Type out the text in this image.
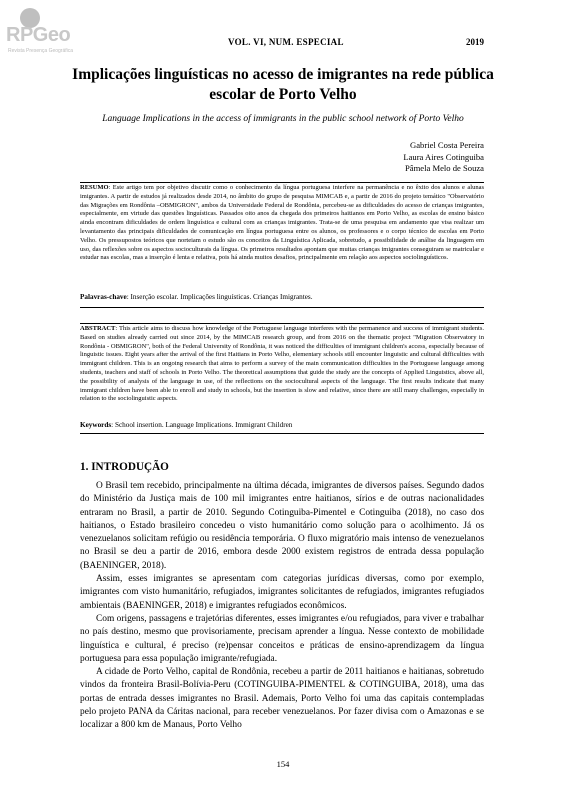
RPGeo
Revista Presença Geográfica
VOL. VI, NUM. ESPECIAL	2019
Implicações linguísticas no acesso de imigrantes na rede pública escolar de Porto Velho
Language Implications in the access of immigrants in the public school network of Porto Velho
Gabriel Costa Pereira
Laura Aires Cotinguiba
Pâmela Melo de Souza
RESUMO: Este artigo tem por objetivo discutir como o conhecimento da língua portuguesa interfere na permanência e no êxito dos alunos e alunas imigrantes. A partir de estudos já realizados desde 2014, no âmbito do grupo de pesquisa MIMCAB e, a partir de 2016 do projeto temático "Observatório das Migrações em Rondônia –OBMIGRON", ambos da Universidade Federal de Rondônia, percebeu-se as dificuldades do acesso de crianças imigrantes, especialmente, em virtude das questões linguísticas. Passados oito anos da chegada dos primeiros haitianos em Porto Velho, as escolas de ensino básico ainda encontram dificuldades de ordem linguística e cultural com as crianças imigrantes. Trata-se de uma pesquisa em andamento que visa realizar um levantamento das principais dificuldades de comunicação em língua portuguesa entre os alunos, os professores e o corpo técnico de escolas em Porto Velho. Os pressupostos teóricos que norteiam o estudo são os conceitos da Linguística Aplicada, sobretudo, a possibilidade de análise da linguagem em uso, das reflexões sobre os aspectos socioculturais da língua. Os primeiros resultados apontam que muitas crianças imigrantes conseguiram se matricular e estudar nas escolas, mas a inserção é lenta e relativa, pois há ainda muitos desafios, principalmente em relação aos aspectos sociolinguísticos.
Palavras-chave: Inserção escolar. Implicações linguísticas. Crianças Imigrantes.
ABSTRACT: This article aims to discuss how knowledge of the Portuguese language interferes with the permanence and success of immigrant students. Based on studies already carried out since 2014, by the MIMCAB research group, and from 2016 on the thematic project "Migration Observatory in Rondônia - OBMIGRON", both of the Federal University of Rondônia, it was noticed the difficulties of immigrant children's access, especially because of linguistic issues. Eight years after the arrival of the first Haitians in Porto Velho, elementary schools still encounter linguistic and cultural difficulties with immigrant children. This is an ongoing research that aims to perform a survey of the main communication difficulties in the Portuguese language among students, teachers and staff of schools in Porto Velho. The theoretical assumptions that guide the study are the concepts of Applied Linguistics, above all, the possibility of analysis of the language in use, of the reflections on the sociocultural aspects of the language. The first results indicate that many immigrant children have been able to enroll and study in schools, but the insertion is slow and relative, since there are still many challenges, especially in relation to the sociolinguistic aspects.
Keywords: School insertion. Language Implications. Immigrant Children
1. INTRODUÇÃO

O Brasil tem recebido, principalmente na última década, imigrantes de diversos países. Segundo dados do Ministério da Justiça mais de 100 mil imigrantes entre haitianos, sírios e de outras nacionalidades entraram no Brasil, a partir de 2010. Segundo Cotinguiba-Pimentel e Cotinguiba (2018), no caso dos haitianos, o Estado brasileiro concedeu o visto humanitário como solução para o acolhimento. Já os venezuelanos solicitam refúgio ou residência temporária. O fluxo migratório mais intenso de venezuelanos no Brasil se deu a partir de 2016, embora desde 2000 existem registros de entrada dessa população (BAENINGER, 2018).

Assim, esses imigrantes se apresentam com categorias jurídicas diversas, como por exemplo, imigrantes com visto humanitário, refugiados, imigrantes solicitantes de refugiados, imigrantes refugiados ambientais (BAENINGER, 2018) e imigrantes refugiados econômicos.

Com origens, passagens e trajetórias diferentes, esses imigrantes e/ou refugiados, para viver e trabalhar no país destino, mesmo que provisoriamente, precisam aprender a língua. Nesse contexto de mobilidade linguística e cultural, é preciso (re)pensar conceitos e práticas de ensino-aprendizagem da língua portuguesa para essa população imigrante/refugiada.

A cidade de Porto Velho, capital de Rondônia, recebeu a partir de 2011 haitianos e haitianas, sobretudo vindos da fronteira Brasil-Bolívia-Peru (COTINGUIBA-PIMENTEL & COTINGUIBA, 2018), uma das portas de entrada desses imigrantes no Brasil. Ademais, Porto Velho foi uma das capitais contempladas pelo projeto PANA da Cáritas nacional, para receber venezuelanos. Por fazer divisa com o Amazonas e se localizar a 800 km de Manaus, Porto Velho

154
